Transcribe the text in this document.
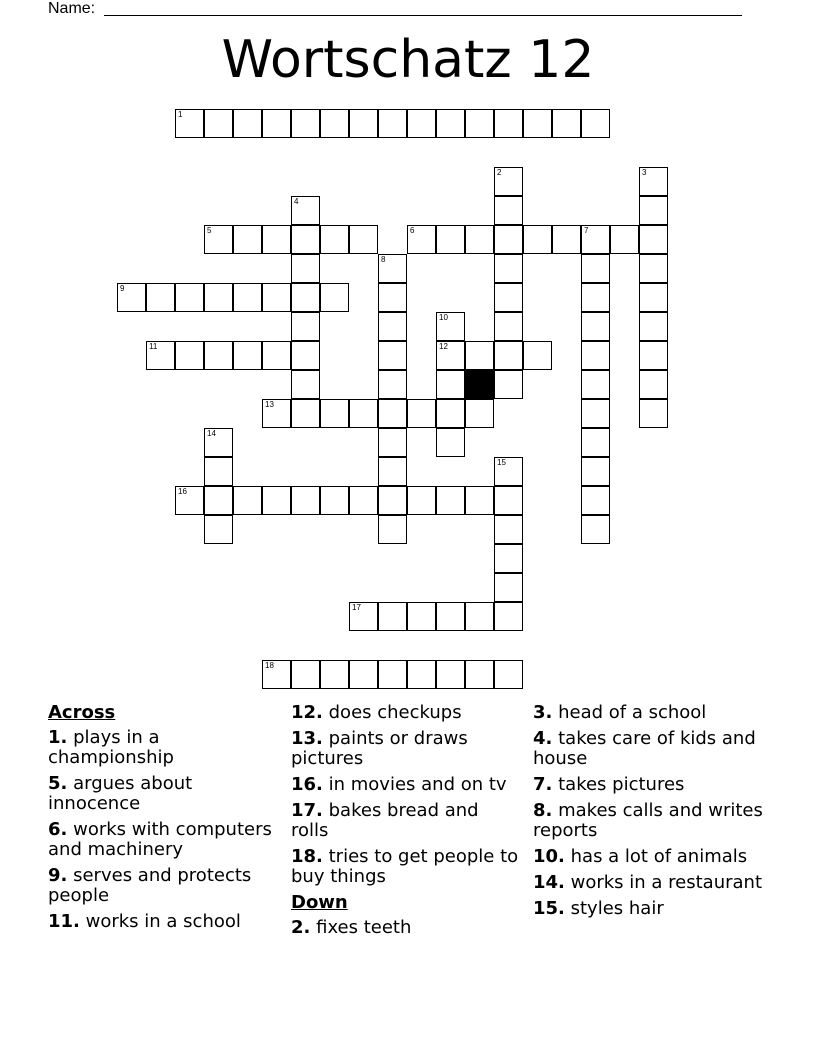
Name:
Wortschatz 12
1
5	6	7
9
11	12
13
16
17
18
2	3
4
8
10
14
15
Across
1. plays in a championship
5. argues about innocence
6. works with computers and machinery
9. serves and protects people
11. works in a school
12. does checkups
13. paints or draws pictures
16. in movies and on tv
17. bakes bread and rolls
18. tries to get people to buy things
Down
2. fixes teeth
3. head of a school
4. takes care of kids and house
7. takes pictures
8. makes calls and writes reports
10. has a lot of animals
14. works in a restaurant
15. styles hair
